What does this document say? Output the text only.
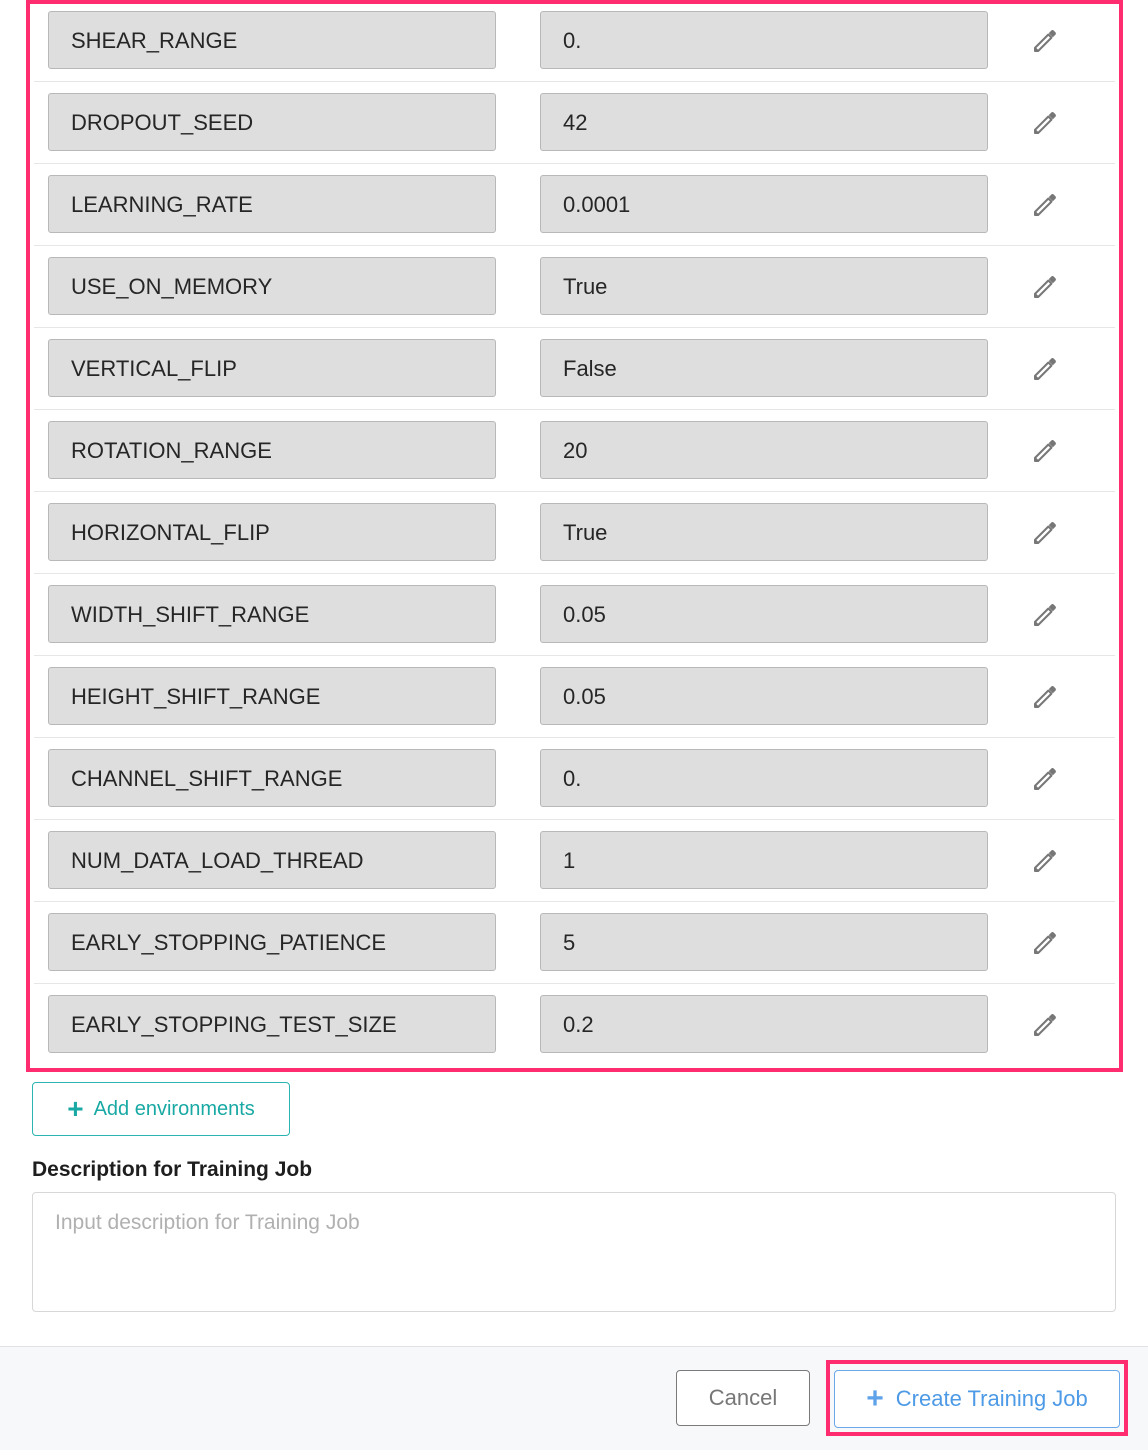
SHEAR_RANGE	0.
DROPOUT_SEED	42
LEARNING_RATE	0.0001
USE_ON_MEMORY	True
VERTICAL_FLIP	False
ROTATION_RANGE	20
HORIZONTAL_FLIP	True
WIDTH_SHIFT_RANGE	0.05
HEIGHT_SHIFT_RANGE	0.05
CHANNEL_SHIFT_RANGE	0.
NUM_DATA_LOAD_THREAD	1
EARLY_STOPPING_PATIENCE	5
EARLY_STOPPING_TEST_SIZE	0.2
+ Add environments
Description for Training Job
Input description for Training Job
Cancel	+ Create Training Job
